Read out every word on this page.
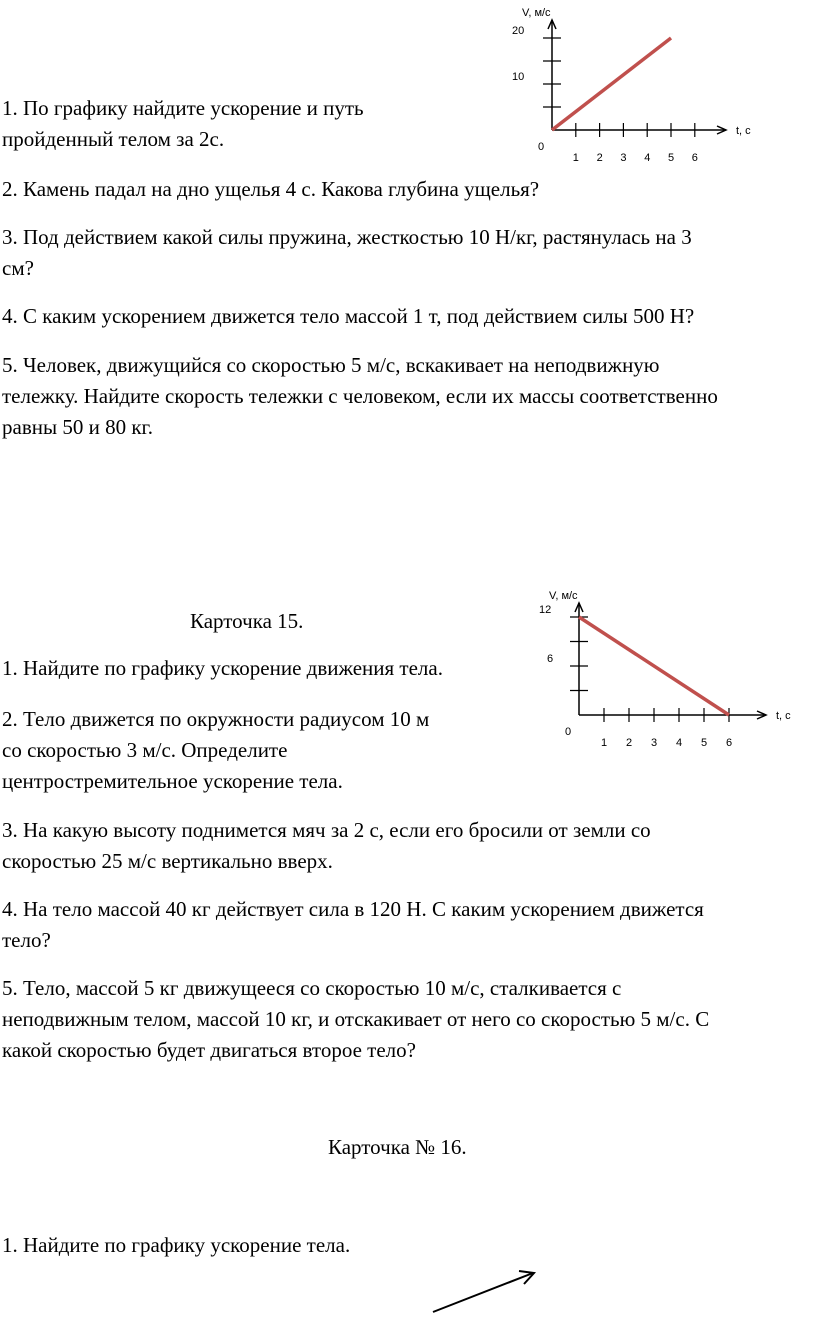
1. По графику найдите ускорение и путь

пройденный телом за 2с.

2. Камень падал на дно ущелья 4 с. Какова глубина ущелья?

3. Под действием какой силы пружина, жесткостью 10 Н/кг, растянулась на 3

см?

4. С каким ускорением движется тело массой 1 т, под действием силы 500 Н?

5. Человек, движущийся со скоростью 5 м/с, вскакивает на неподвижную

тележку. Найдите скорость тележки с человеком, если их массы соответственно

равны 50 и 80 кг.

V, м/с
t, c
0
1 2 3 4 5 6
10
20

Карточка 15.

1. Найдите по графику ускорение движения тела.

2. Тело движется по окружности радиусом 10 м

со скоростью 3 м/с. Определите

центростремительное ускорение тела.

3. На какую высоту поднимется мяч за 2 с, если его бросили от земли со

скоростью 25 м/с вертикально вверх.

4. На тело массой 40 кг действует сила в 120 Н. С каким ускорением движется

тело?

5. Тело, массой 5 кг движущееся со скоростью 10 м/с, сталкивается с

неподвижным телом, массой 10 кг, и отскакивает от него со скоростью 5 м/с. С

какой скоростью будет двигаться второе тело?

V, м/с
t, c
0
1 2 3 4 5 6
6
12

Карточка № 16.

1. Найдите по графику ускорение тела.
